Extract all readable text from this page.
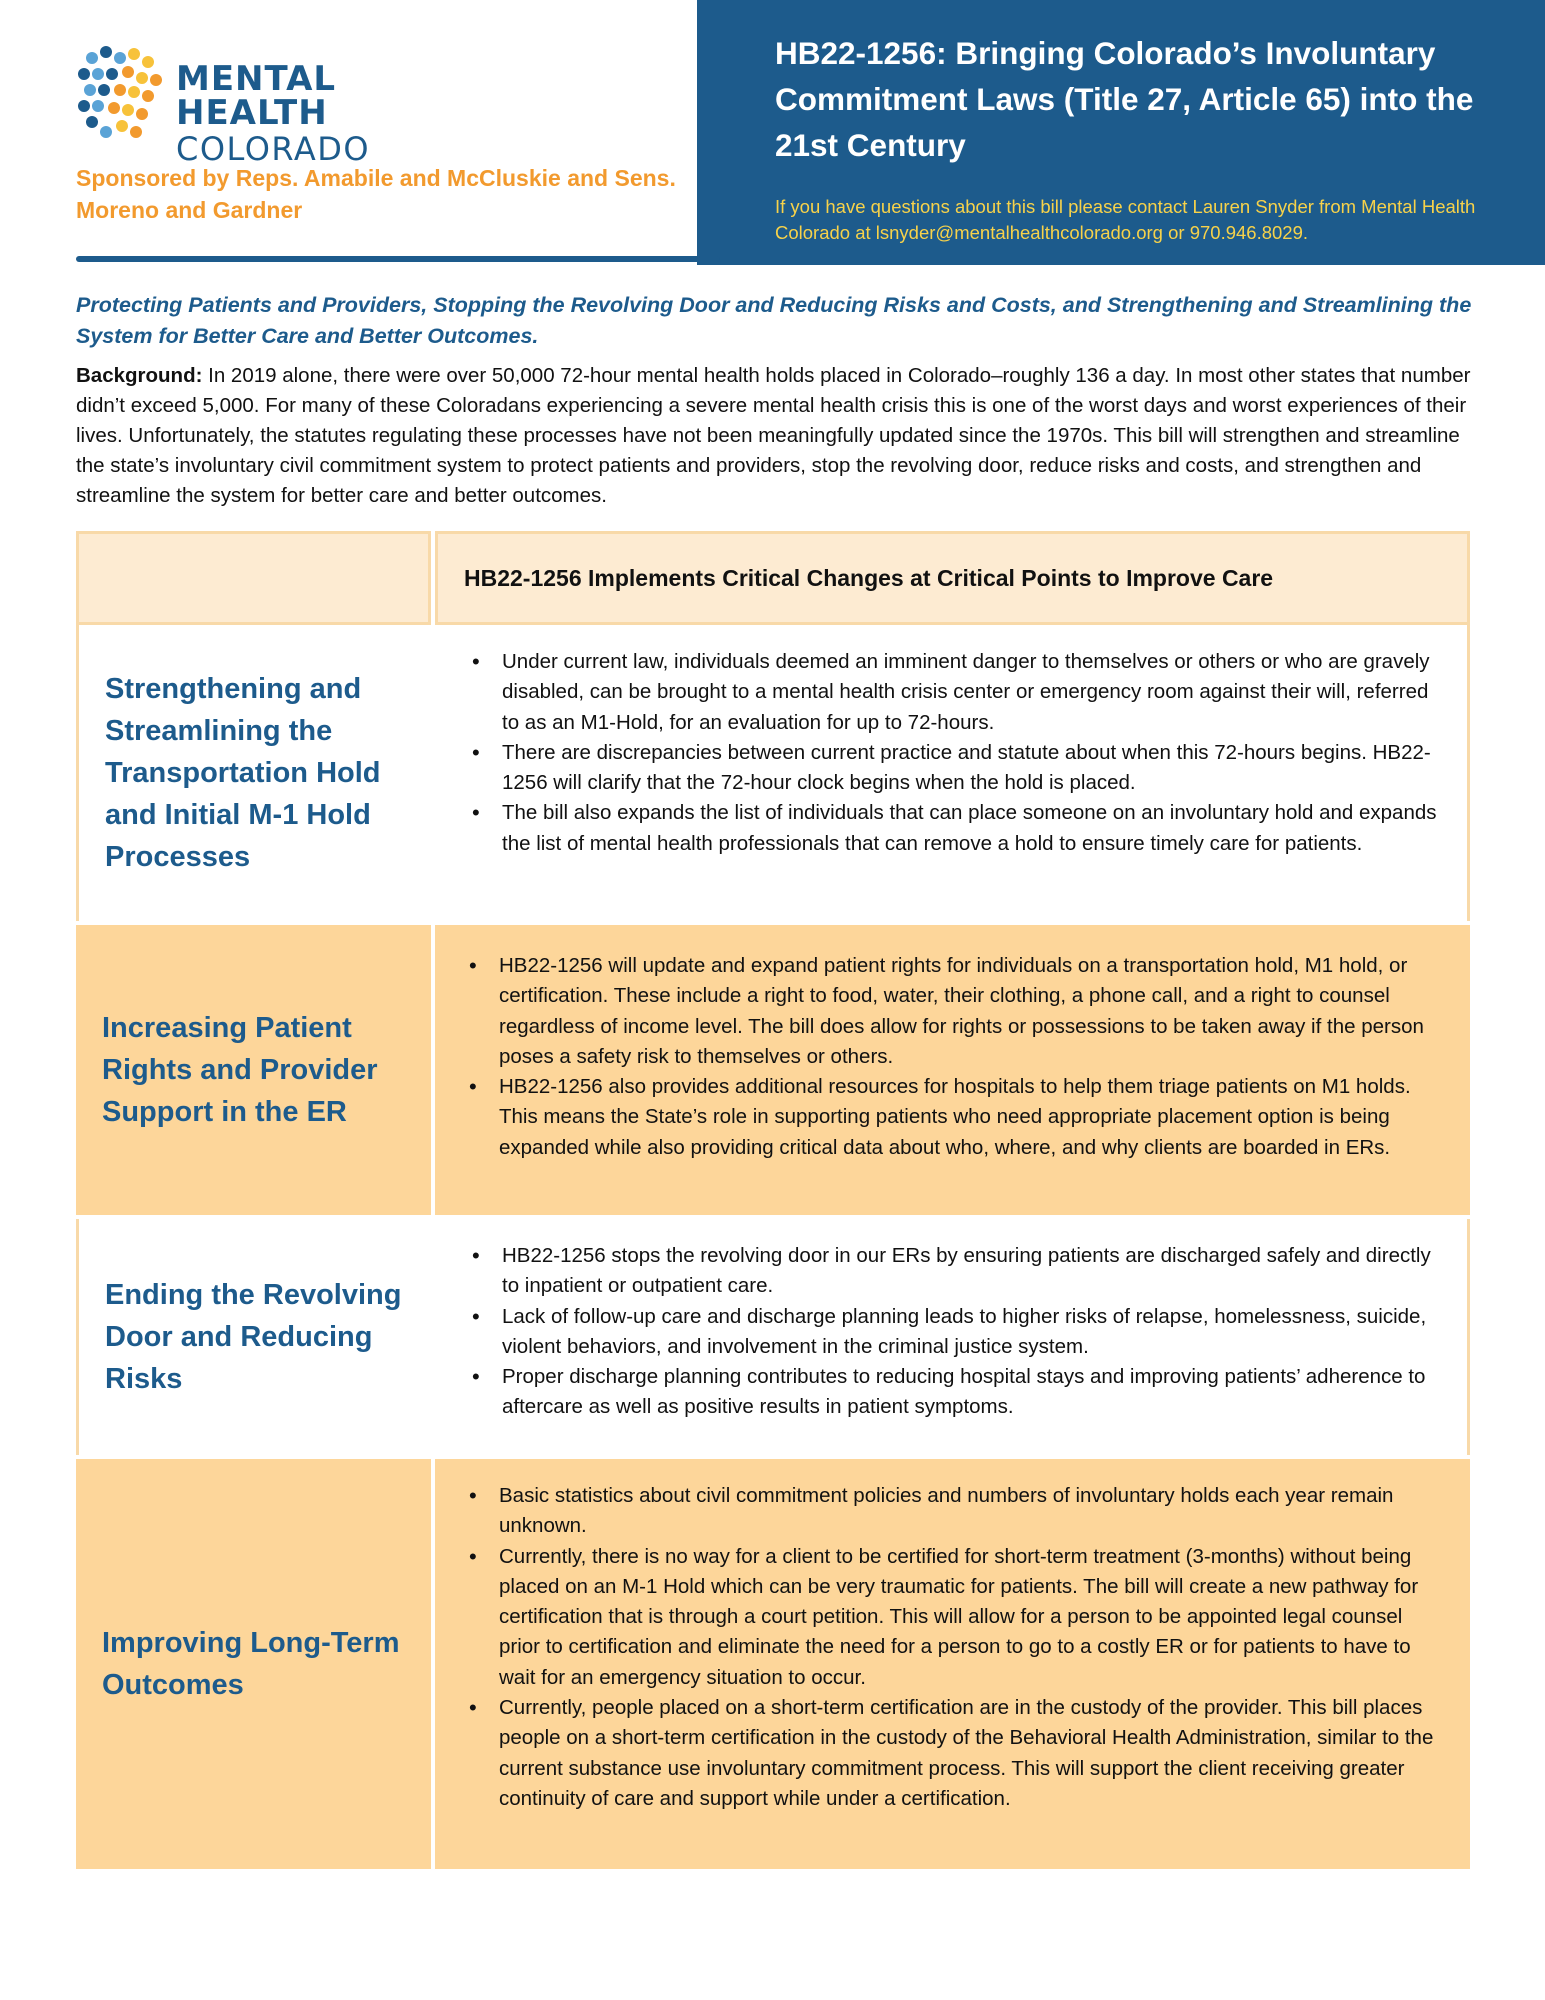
MENTAL HEALTH
COLORADO
Sponsored by Reps. Amabile and McCluskie and Sens. Moreno and Gardner
HB22-1256: Bringing Colorado’s Involuntary Commitment Laws (Title 27, Article 65) into the 21st Century
If you have questions about this bill please contact Lauren Snyder from Mental Health Colorado at lsnyder@mentalhealthcolorado.org or 970.946.8029.
Protecting Patients and Providers, Stopping the Revolving Door and Reducing Risks and Costs, and Strengthening and Streamlining the System for Better Care and Better Outcomes.
Background: In 2019 alone, there were over 50,000 72-hour mental health holds placed in Colorado–roughly 136 a day. In most other states that number didn’t exceed 5,000. For many of these Coloradans experiencing a severe mental health crisis this is one of the worst days and worst experiences of their lives. Unfortunately, the statutes regulating these processes have not been meaningfully updated since the 1970s. This bill will strengthen and streamline the state’s involuntary civil commitment system to protect patients and providers, stop the revolving door, reduce risks and costs, and strengthen and streamline the system for better care and better outcomes.
HB22-1256 Implements Critical Changes at Critical Points to Improve Care
Strengthening and Streamlining the Transportation Hold and Initial M-1 Hold Processes
• Under current law, individuals deemed an imminent danger to themselves or others or who are gravely disabled, can be brought to a mental health crisis center or emergency room against their will, referred to as an M1-Hold, for an evaluation for up to 72-hours.
• There are discrepancies between current practice and statute about when this 72-hours begins. HB22-1256 will clarify that the 72-hour clock begins when the hold is placed.
• The bill also expands the list of individuals that can place someone on an involuntary hold and expands the list of mental health professionals that can remove a hold to ensure timely care for patients.
Increasing Patient Rights and Provider Support in the ER
• HB22-1256 will update and expand patient rights for individuals on a transportation hold, M1 hold, or certification. These include a right to food, water, their clothing, a phone call, and a right to counsel regardless of income level. The bill does allow for rights or possessions to be taken away if the person poses a safety risk to themselves or others.
• HB22-1256 also provides additional resources for hospitals to help them triage patients on M1 holds. This means the State’s role in supporting patients who need appropriate placement option is being expanded while also providing critical data about who, where, and why clients are boarded in ERs.
Ending the Revolving Door and Reducing Risks
• HB22-1256 stops the revolving door in our ERs by ensuring patients are discharged safely and directly to inpatient or outpatient care.
• Lack of follow-up care and discharge planning leads to higher risks of relapse, homelessness, suicide, violent behaviors, and involvement in the criminal justice system.
• Proper discharge planning contributes to reducing hospital stays and improving patients’ adherence to aftercare as well as positive results in patient symptoms.
Improving Long-Term Outcomes
• Basic statistics about civil commitment policies and numbers of involuntary holds each year remain unknown.
• Currently, there is no way for a client to be certified for short-term treatment (3-months) without being placed on an M-1 Hold which can be very traumatic for patients. The bill will create a new pathway for certification that is through a court petition. This will allow for a person to be appointed legal counsel prior to certification and eliminate the need for a person to go to a costly ER or for patients to have to wait for an emergency situation to occur.
• Currently, people placed on a short-term certification are in the custody of the provider. This bill places people on a short-term certification in the custody of the Behavioral Health Administration, similar to the current substance use involuntary commitment process. This will support the client receiving greater continuity of care and support while under a certification.
